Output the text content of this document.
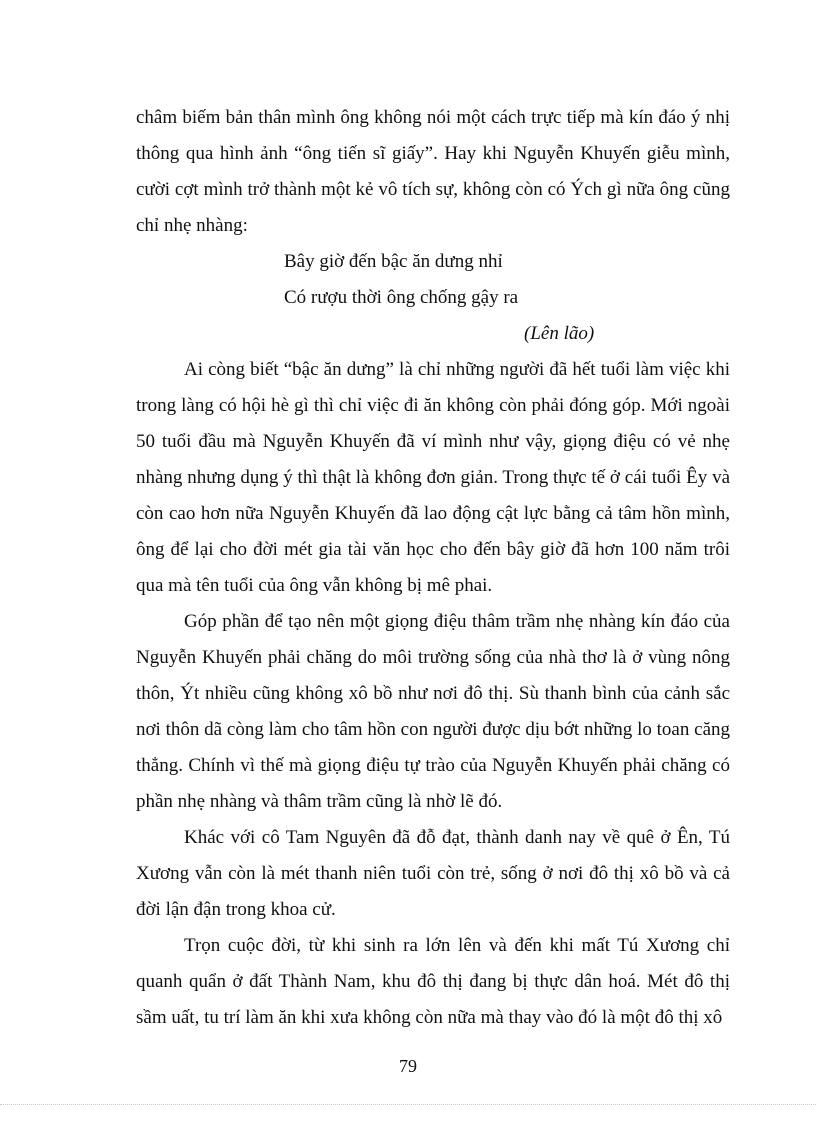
châm biếm bản thân mình ông không nói một cách trực tiếp mà kín đáo ý nhị thông qua hình ảnh “ông tiến sĩ giấy”. Hay khi Nguyễn Khuyến giễu mình, cười cợt mình trở thành một kẻ vô tích sự, không còn có Ých gì nữa ông cũng chỉ nhẹ nhàng:

Bây giờ đến bậc ăn dưng nhỉ
Có rượu thời ông chống gậy ra
(Lên lão)

Ai còng biết “bậc ăn dưng” là chỉ những người đã hết tuổi làm việc khi trong làng có hội hè gì thì chỉ việc đi ăn không còn phải đóng góp. Mới ngoài 50 tuổi đầu mà Nguyễn Khuyến đã ví mình như vậy, giọng điệu có vẻ nhẹ nhàng nhưng dụng ý thì thật là không đơn giản. Trong thực tế ở cái tuổi Êy và còn cao hơn nữa Nguyễn Khuyến đã lao động cật lực bằng cả tâm hồn mình, ông để lại cho đời mét gia tài văn học cho đến bây giờ đã hơn 100 năm trôi qua mà tên tuổi của ông vẫn không bị mê phai.

Góp phần để tạo nên một giọng điệu thâm trầm nhẹ nhàng kín đáo của Nguyễn Khuyến phải chăng do môi trường sống của nhà thơ là ở vùng nông thôn, Ýt nhiều cũng không xô bồ như nơi đô thị. Sù thanh bình của cảnh sắc nơi thôn dã còng làm cho tâm hồn con người được dịu bớt những lo toan căng thẳng. Chính vì thế mà giọng điệu tự trào của Nguyễn Khuyến phải chăng có phần nhẹ nhàng và thâm trầm cũng là nhờ lẽ đó.

Khác với cô Tam Nguyên đã đỗ đạt, thành danh nay về quê ở Ên, Tú Xương vẫn còn là mét thanh niên tuổi còn trẻ, sống ở nơi đô thị xô bồ và cả đời lận đận trong khoa cử.

Trọn cuộc đời, từ khi sinh ra lớn lên và đến khi mất Tú Xương chỉ quanh quẩn ở đất Thành Nam, khu đô thị đang bị thực dân hoá. Mét đô thị sầm uất, tu trí làm ăn khi xưa không còn nữa mà thay vào đó là một đô thị xô

79
